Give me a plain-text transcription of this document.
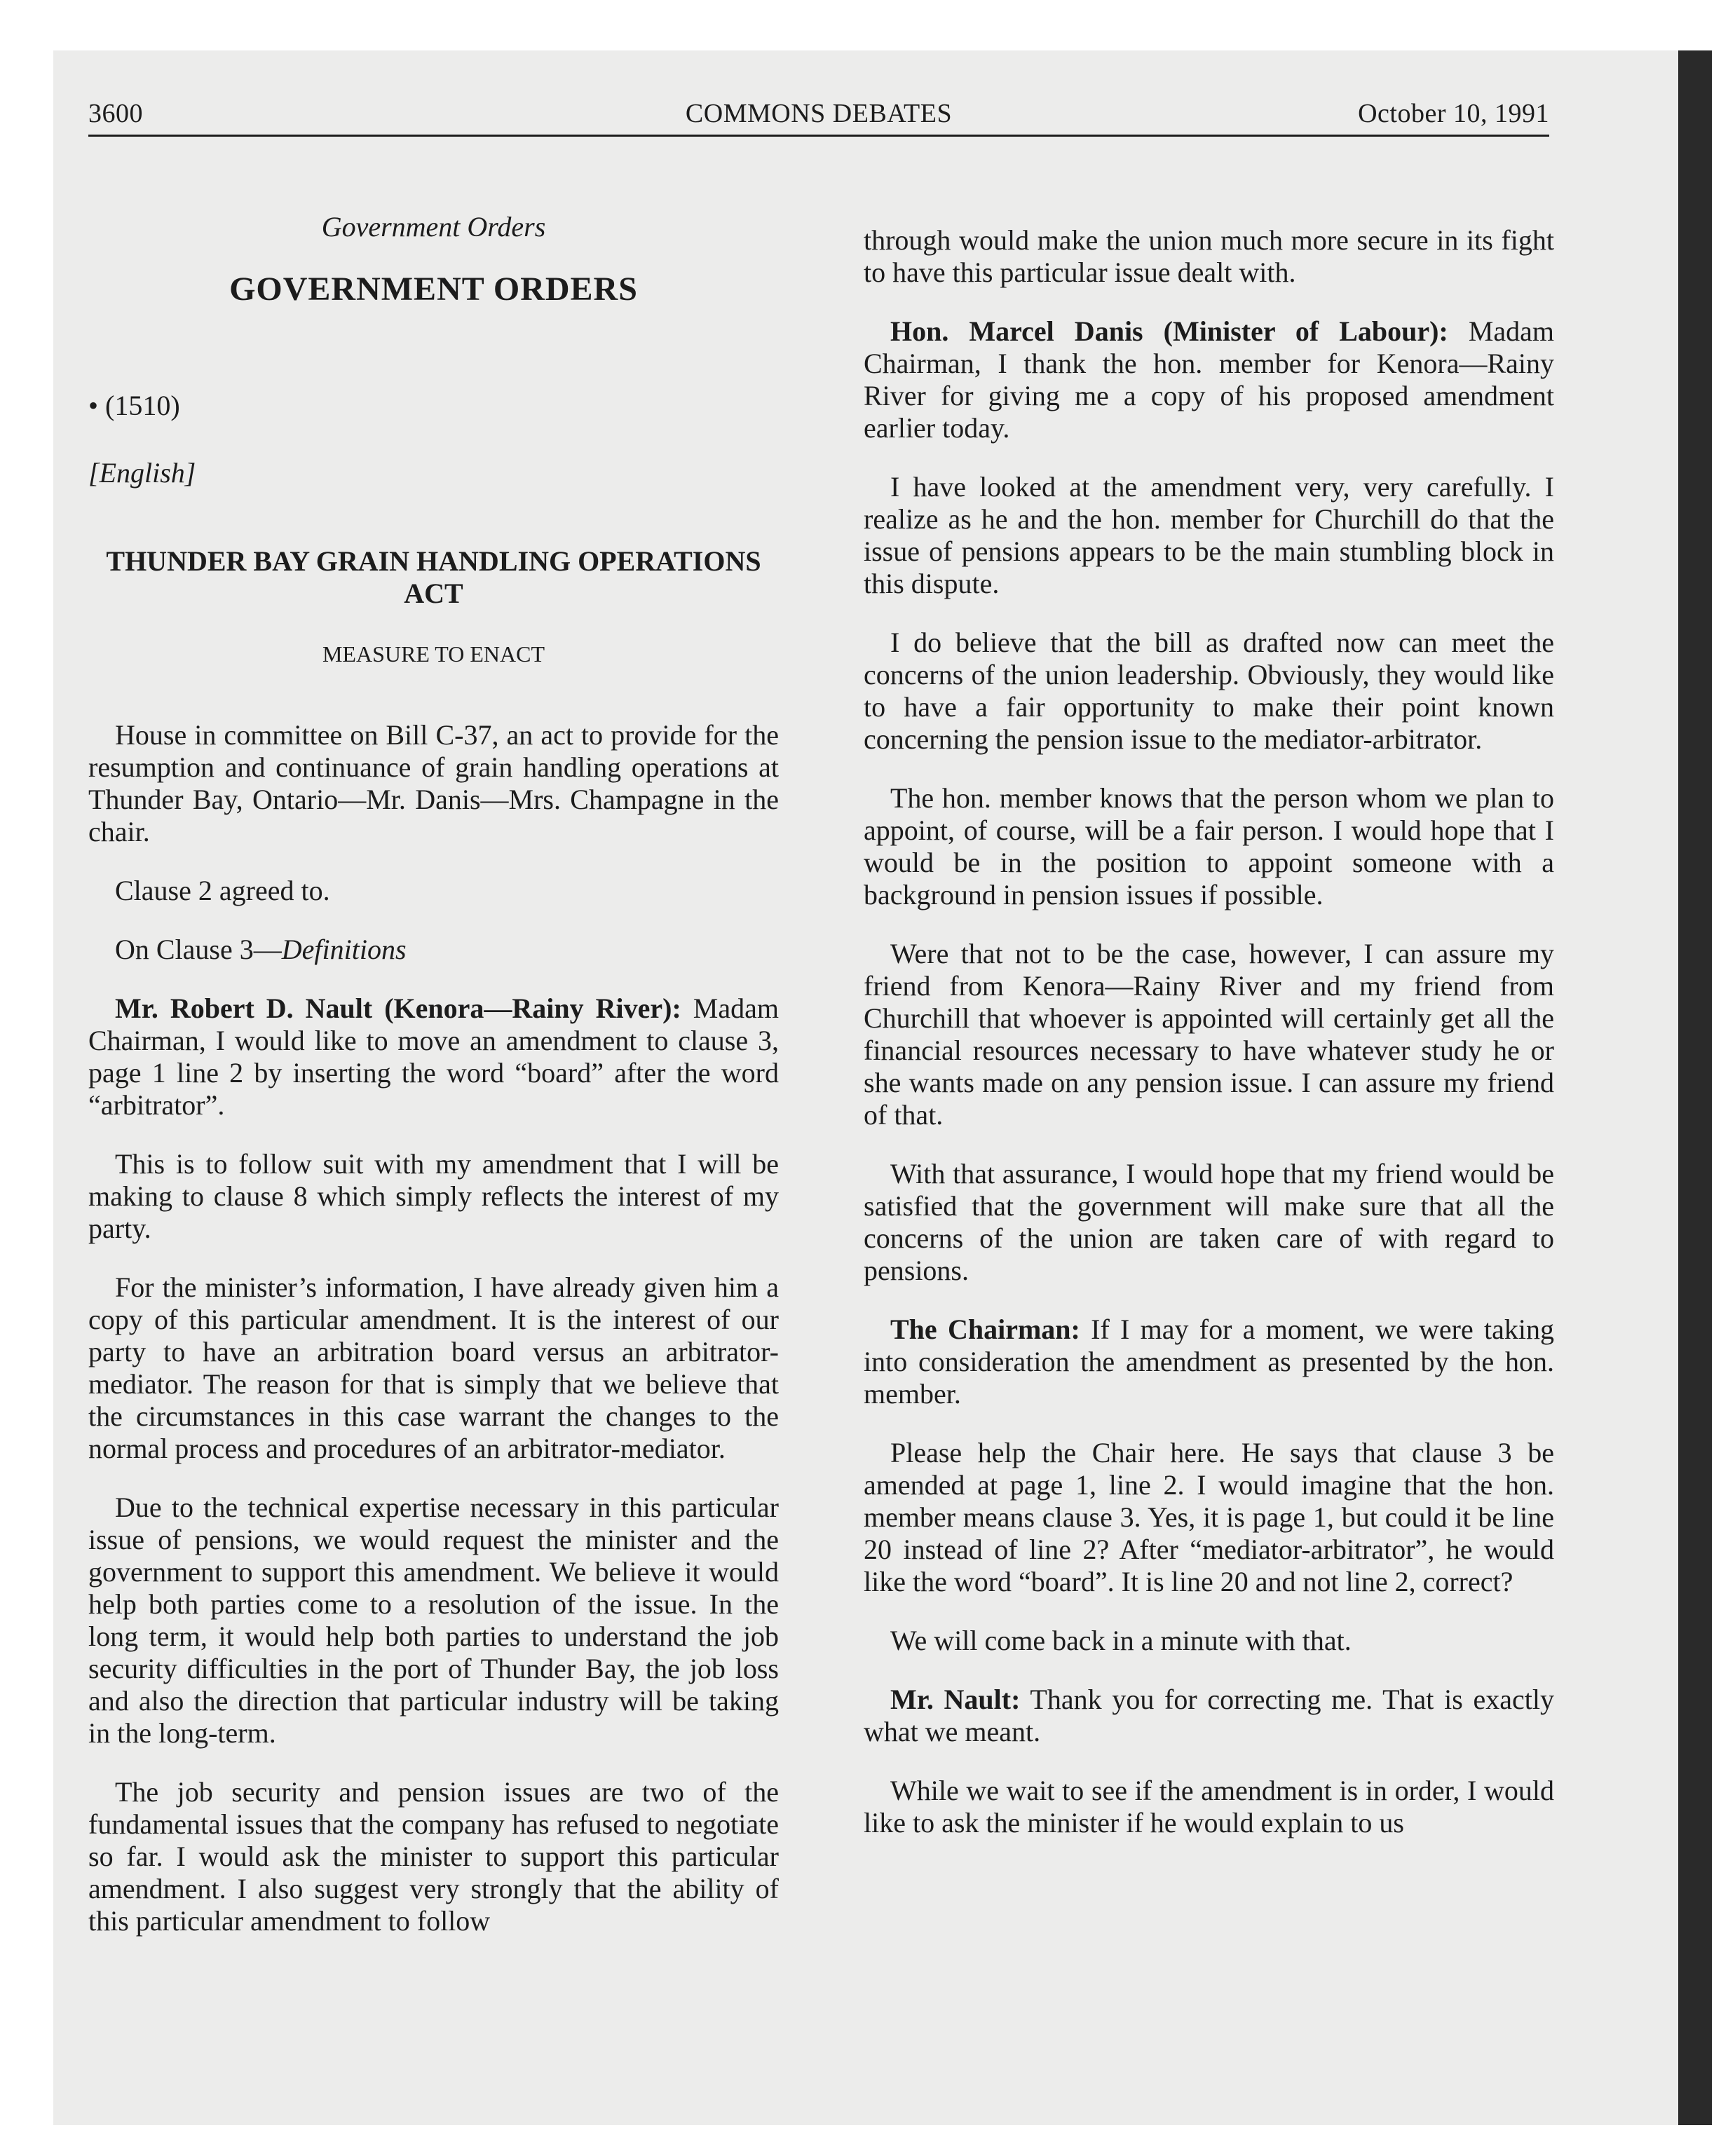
3600	COMMONS DEBATES	October 10, 1991
Government Orders
GOVERNMENT ORDERS
• (1510)
[English]
THUNDER BAY GRAIN HANDLING OPERATIONS ACT
MEASURE TO ENACT

House in committee on Bill C-37, an act to provide for the resumption and continuance of grain handling operations at Thunder Bay, Ontario—Mr. Danis—Mrs. Champagne in the chair.

Clause 2 agreed to.

On Clause 3—Definitions

Mr. Robert D. Nault (Kenora—Rainy River): Madam Chairman, I would like to move an amendment to clause 3, page 1 line 2 by inserting the word “board” after the word “arbitrator”.

This is to follow suit with my amendment that I will be making to clause 8 which simply reflects the interest of my party.

For the minister’s information, I have already given him a copy of this particular amendment. It is the interest of our party to have an arbitration board versus an arbitrator-mediator. The reason for that is simply that we believe that the circumstances in this case warrant the changes to the normal process and procedures of an arbitrator-mediator.

Due to the technical expertise necessary in this particular issue of pensions, we would request the minister and the government to support this amendment. We believe it would help both parties come to a resolution of the issue. In the long term, it would help both parties to understand the job security difficulties in the port of Thunder Bay, the job loss and also the direction that particular industry will be taking in the long-term.

The job security and pension issues are two of the fundamental issues that the company has refused to negotiate so far. I would ask the minister to support this particular amendment. I also suggest very strongly that the ability of this particular amendment to follow

through would make the union much more secure in its fight to have this particular issue dealt with.

Hon. Marcel Danis (Minister of Labour): Madam Chairman, I thank the hon. member for Kenora—Rainy River for giving me a copy of his proposed amendment earlier today.

I have looked at the amendment very, very carefully. I realize as he and the hon. member for Churchill do that the issue of pensions appears to be the main stumbling block in this dispute.

I do believe that the bill as drafted now can meet the concerns of the union leadership. Obviously, they would like to have a fair opportunity to make their point known concerning the pension issue to the mediator-arbitrator.

The hon. member knows that the person whom we plan to appoint, of course, will be a fair person. I would hope that I would be in the position to appoint someone with a background in pension issues if possible.

Were that not to be the case, however, I can assure my friend from Kenora—Rainy River and my friend from Churchill that whoever is appointed will certainly get all the financial resources necessary to have whatever study he or she wants made on any pension issue. I can assure my friend of that.

With that assurance, I would hope that my friend would be satisfied that the government will make sure that all the concerns of the union are taken care of with regard to pensions.

The Chairman: If I may for a moment, we were taking into consideration the amendment as presented by the hon. member.

Please help the Chair here. He says that clause 3 be amended at page 1, line 2. I would imagine that the hon. member means clause 3. Yes, it is page 1, but could it be line 20 instead of line 2? After “mediator-arbitrator”, he would like the word “board”. It is line 20 and not line 2, correct?

We will come back in a minute with that.

Mr. Nault: Thank you for correcting me. That is exactly what we meant.

While we wait to see if the amendment is in order, I would like to ask the minister if he would explain to us
